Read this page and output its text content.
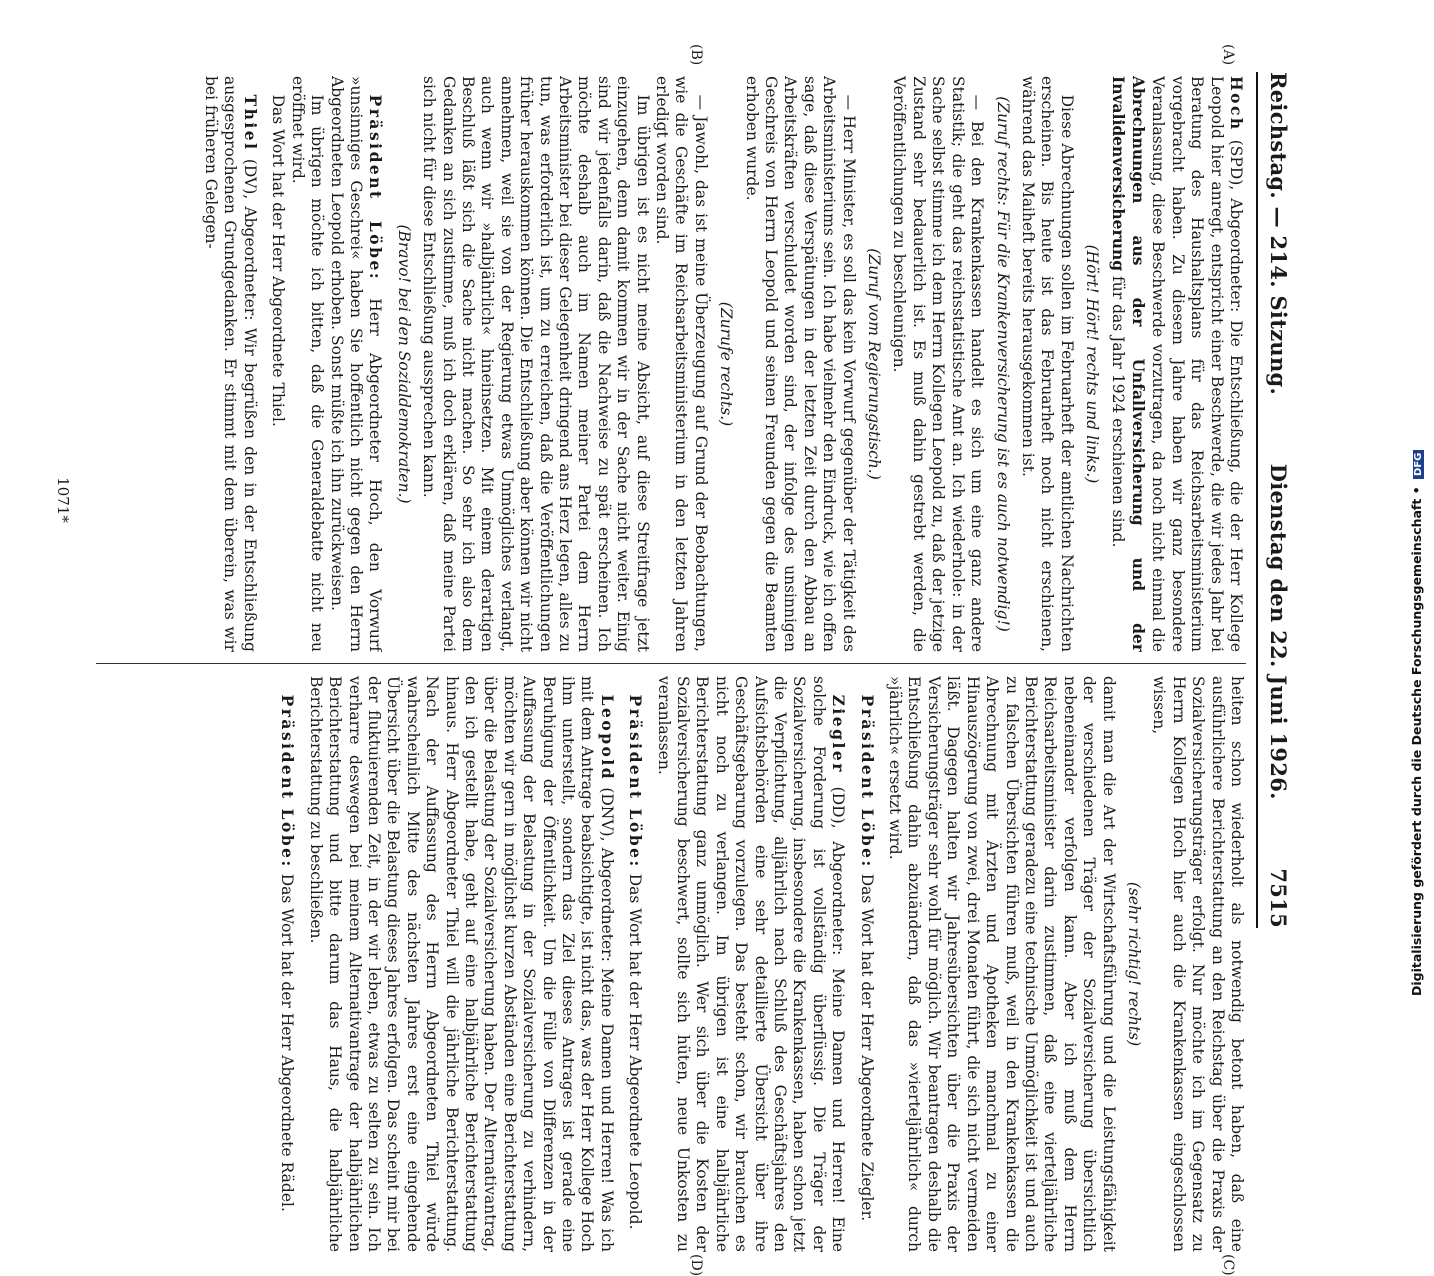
Reichstag. — 214. Sitzung.
Dienstag den 22. Juni 1926.
7515
(A)
(B)
(C)
(D)

Hoch (SPD), Abgeordneter: Die Entschließung, die der Herr Kollege Leopold hier anregt, entspricht einer Beschwerde, die wir jedes Jahr bei Beratung des Haushaltsplans für das Reichsarbeitsministerium vorgebracht haben. Zu diesem Jahre haben wir ganz besondere Veranlassung, diese Beschwerde vorzutragen, da noch nicht einmal die Abrechnungen aus der Unfallversicherung und der Invalidenversicherung für das Jahr 1924 erschienen sind.

(Hört! Hört! rechts und links.)

Diese Abrechnungen sollen im Februarheft der amtlichen Nachrichten erscheinen. Bis heute ist das Februarheft noch nicht erschienen, während das Maiheft bereits herausgekommen ist.

(Zuruf rechts: Für die Krankenversicherung ist es auch notwendig!)

— Bei den Krankenkassen handelt es sich um eine ganz andere Statistik; die geht das reichsstatistische Amt an. Ich wiederhole: in der Sache selbst stimme ich dem Herrn Kollegen Leopold zu, daß der jetzige Zustand sehr bedauerlich ist. Es muß dahin gestrebt werden, die Veröffentlichungen zu beschleunigen.

(Zuruf vom Regierungstisch.)

— Herr Minister, es soll das kein Vorwurf gegenüber der Tätigkeit des Arbeitsministeriums sein. Ich habe vielmehr den Eindruck, wie ich offen sage, daß diese Verspätungen in der letzten Zeit durch den Abbau an Arbeitskräften verschuldet worden sind, der infolge des unsinnigen Geschreis von Herrn Leopold und seinen Freunden gegen die Beamten erhoben wurde.

(Zurufe rechts.)

— Jawohl, das ist meine Überzeugung auf Grund der Beobachtungen, wie die Geschäfte im Reichsarbeitsministerium in den letzten Jahren erledigt worden sind.

Im übrigen ist es nicht meine Absicht, auf diese Streitfrage jetzt einzugehen, denn damit kommen wir in der Sache nicht weiter. Einig sind wir jedenfalls darin, daß die Nachweise zu spät erscheinen. Ich möchte deshalb auch im Namen meiner Partei dem Herrn Arbeitsminister bei dieser Gelegenheit dringend ans Herz legen, alles zu tun, was erforderlich ist, um zu erreichen, daß die Veröffentlichungen früher herauskommen können. Die Entschließung aber können wir nicht annehmen, weil sie von der Regierung etwas Unmögliches verlangt, auch wenn wir »halbjährlich« hineinsetzen. Mit einem derartigen Beschluß läßt sich die Sache nicht machen. So sehr ich also dem Gedanken an sich zustimme, muß ich doch erklären, daß meine Partei sich nicht für diese Entschließung aussprechen kann.

(Bravo! bei den Sozialdemokraten.)

Präsident Löbe: Herr Abgeordneter Hoch, den Vorwurf »unsinniges Geschrei« haben Sie hoffentlich nicht gegen den Herrn Abgeordneten Leopold erhoben. Sonst müßte ich ihn zurückweisen.

Im übrigen möchte ich bitten, daß die Generaldebatte nicht neu eröffnet wird.

Das Wort hat der Herr Abgeordnete Thiel.

Thiel (DV), Abgeordneter: Wir begrüßen den in der Entschließung ausgesprochenen Grundgedanken. Er stimmt mit dem überein, was wir bei früheren Gelegen-

heiten schon wiederholt als notwendig betont haben, daß eine ausführlichere Berichterstattung an den Reichstag über die Praxis der Sozialversicherungsträger erfolgt. Nur möchte ich im Gegensatz zu Herrn Kollegen Hoch hier auch die Krankenkassen eingeschlossen wissen,

(sehr richtig! rechts)

damit man die Art der Wirtschaftsführung und die Leistungsfähigkeit der verschiedenen Träger der Sozialversicherung übersichtlich nebeneinander verfolgen kann. Aber ich muß dem Herrn Reichsarbeitsminister darin zustimmen, daß eine vierteljährliche Berichterstattung geradezu eine technische Unmöglichkeit ist und auch zu falschen Übersichten führen muß, weil in den Krankenkassen die Abrechnung mit Ärzten und Apotheken manchmal zu einer Hinauszögerung von zwei, drei Monaten führt, die sich nicht vermeiden läßt. Dagegen halten wir Jahresübersichten über die Praxis der Versicherungsträger sehr wohl für möglich. Wir beantragen deshalb die Entschließung dahin abzuändern, daß das »vierteljährlich« durch »jährlich« ersetzt wird.

Präsident Löbe: Das Wort hat der Herr Abgeordnete Ziegler.

Ziegler (DD), Abgeordneter: Meine Damen und Herren! Eine solche Forderung ist vollständig überflüssig. Die Träger der Sozialversicherung, insbesondere die Krankenkassen, haben schon jetzt die Verpflichtung, alljährlich nach Schluß des Geschäftsjahres den Aufsichtsbehörden eine sehr detaillierte Übersicht über ihre Geschäftsgebarung vorzulegen. Das besteht schon, wir brauchen es nicht noch zu verlangen. Im übrigen ist eine halbjährliche Berichterstattung ganz unmöglich. Wer sich über die Kosten der Sozialversicherung beschwert, sollte sich hüten, neue Unkosten zu veranlassen.

Präsident Löbe: Das Wort hat der Herr Abgeordnete Leopold.

Leopold (DNV), Abgeordneter: Meine Damen und Herren! Was ich mit dem Antrage beabsichtigte, ist nicht das, was der Herr Kollege Hoch ihm unterstellt, sondern das Ziel dieses Antrages ist gerade eine Beruhigung der Öffentlichkeit. Um die Fülle von Differenzen in der Auffassung der Belastung in der Sozialversicherung zu verhindern, möchten wir gern in möglichst kurzen Abständen eine Berichterstattung über die Belastung der Sozialversicherung haben. Der Alternativantrag, den ich gestellt habe, geht auf eine halbjährliche Berichterstattung hinaus. Herr Abgeordneter Thiel will die jährliche Berichterstattung. Nach der Auffassung des Herrn Abgeordneten Thiel würde wahrscheinlich Mitte des nächsten Jahres erst eine eingehende Übersicht über die Belastung dieses Jahres erfolgen. Das scheint mir bei der fluktuierenden Zeit, in der wir leben, etwas zu selten zu sein. Ich verharre deswegen bei meinem Alternativantrage der halbjährlichen Berichterstattung und bitte darum das Haus, die halbjährliche Berichterstattung zu beschließen.

Präsident Löbe: Das Wort hat der Herr Abgeordnete Rädel.

1071*	Digitalisierung gefördert durch die Deutsche Forschungsgemeinschaft • DFG
